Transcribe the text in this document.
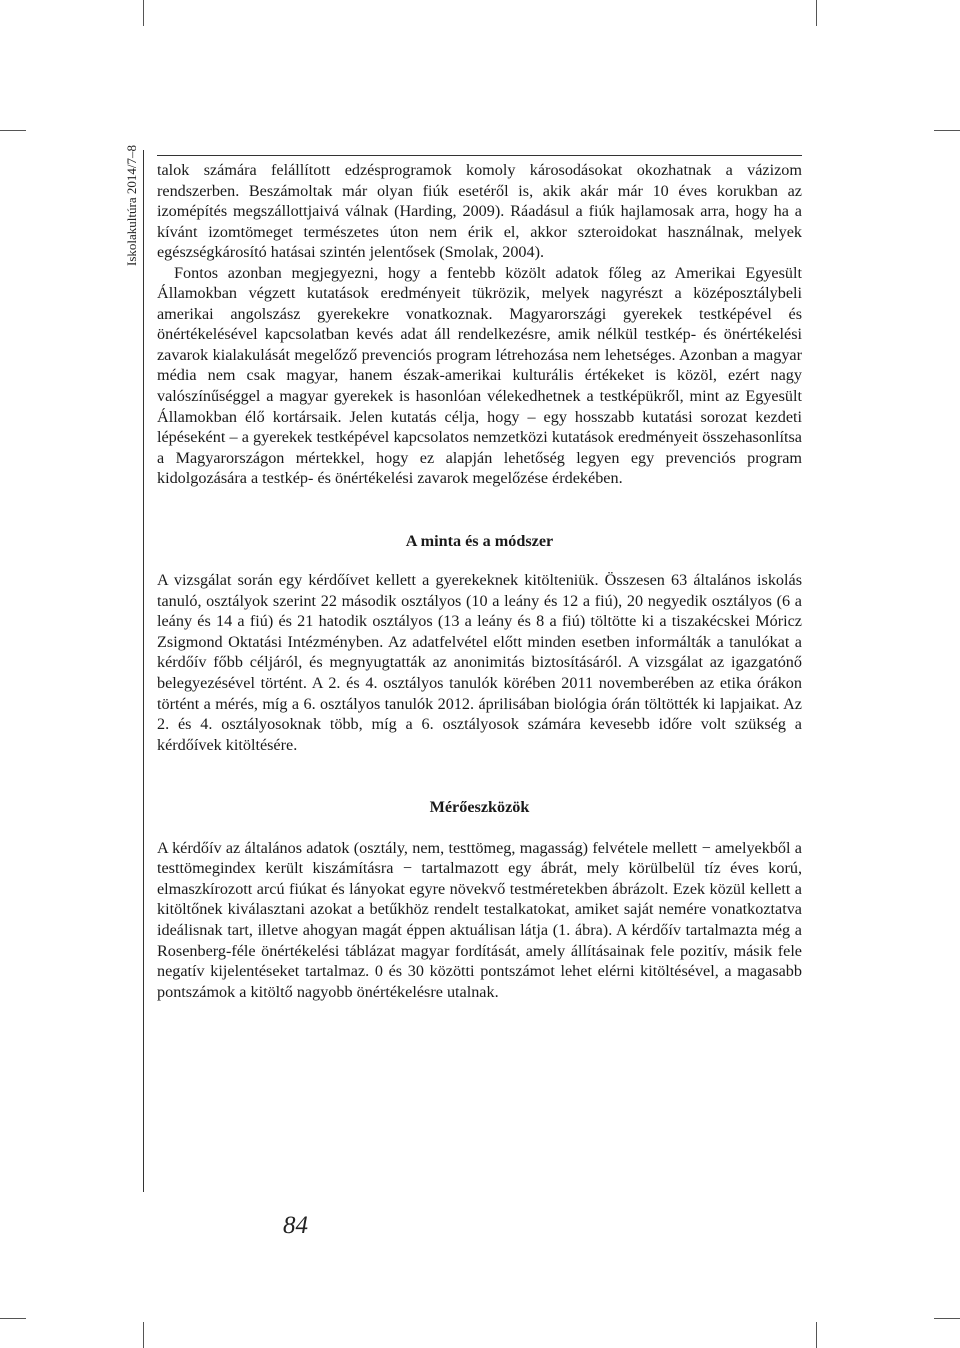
Iskolakultúra 2014/7–8 talok számára felállított edzésprogramok komoly károsodásokat okozhatnak a vázizom rendszerben. Beszámoltak már olyan fiúk esetéről is, akik akár már 10 éves korukban az izomépítés megszállottjaivá válnak (Harding, 2009). Ráadásul a fiúk hajlamosak arra, hogy ha a kívánt izomtömeget természetes úton nem érik el, akkor szteroidokat használnak, melyek egészségkárosító hatásai szintén jelentősek (Smolak, 2004).

Fontos azonban megjegyezni, hogy a fentebb közölt adatok főleg az Amerikai Egyesült Államokban végzett kutatások eredményeit tükrözik, melyek nagyrészt a középosztálybeli amerikai angolszász gyerekekre vonatkoznak. Magyarországi gyerekek testképével és önértékelésével kapcsolatban kevés adat áll rendelkezésre, amik nélkül testkép- és önértékelési zavarok kialakulását megelőző prevenciós program létrehozása nem lehetséges. Azonban a magyar média nem csak magyar, hanem észak-amerikai kulturális értékeket is közöl, ezért nagy valószínűséggel a magyar gyerekek is hasonlóan vélekedhetnek a testképükről, mint az Egyesült Államokban élő kortársaik. Jelen kutatás célja, hogy – egy hosszabb kutatási sorozat kezdeti lépéseként – a gyerekek testképével kapcsolatos nemzetközi kutatások eredményeit összehasonlítsa a Magyarországon mértekkel, hogy ez alapján lehetőség legyen egy prevenciós program kidolgozására a testkép- és önértékelési zavarok megelőzése érdekében.

A minta és a módszer

A vizsgálat során egy kérdőívet kellett a gyerekeknek kitölteniük. Összesen 63 általános iskolás tanuló, osztályok szerint 22 második osztályos (10 a leány és 12 a fiú), 20 negyedik osztályos (6 a leány és 14 a fiú) és 21 hatodik osztályos (13 a leány és 8 a fiú) töltötte ki a tiszakécskei Móricz Zsigmond Oktatási Intézményben. Az adatfelvétel előtt minden esetben informálták a tanulókat a kérdőív főbb céljáról, és megnyugtatták az anonimitás biztosításáról. A vizsgálat az igazgatónő belegyezésével történt. A 2. és 4. osztályos tanulók körében 2011 novemberében az etika órákon történt a mérés, míg a 6. osztályos tanulók 2012. áprilisában biológia órán töltötték ki lapjaikat. Az 2. és 4. osztályosoknak több, míg a 6. osztályosok számára kevesebb időre volt szükség a kérdőívek kitöltésére.

Mérőeszközök

A kérdőív az általános adatok (osztály, nem, testtömeg, magasság) felvétele mellett − amelyekből a testtömegindex került kiszámításra − tartalmazott egy ábrát, mely körülbelül tíz éves korú, elmaszkírozott arcú fiúkat és lányokat egyre növekvő testméretekben ábrázolt. Ezek közül kellett a kitöltőnek kiválasztani azokat a betűkhöz rendelt testalkatokat, amiket saját nemére vonatkoztatva ideálisnak tart, illetve ahogyan magát éppen aktuálisan látja (1. ábra). A kérdőív tartalmazta még a Rosenberg-féle önértékelési táblázat magyar fordítását, amely állításainak fele pozitív, másik fele negatív kijelentéseket tartalmaz. 0 és 30 közötti pontszámot lehet elérni kitöltésével, a magasabb pontszámok a kitöltő nagyobb önértékelésre utalnak.

84
